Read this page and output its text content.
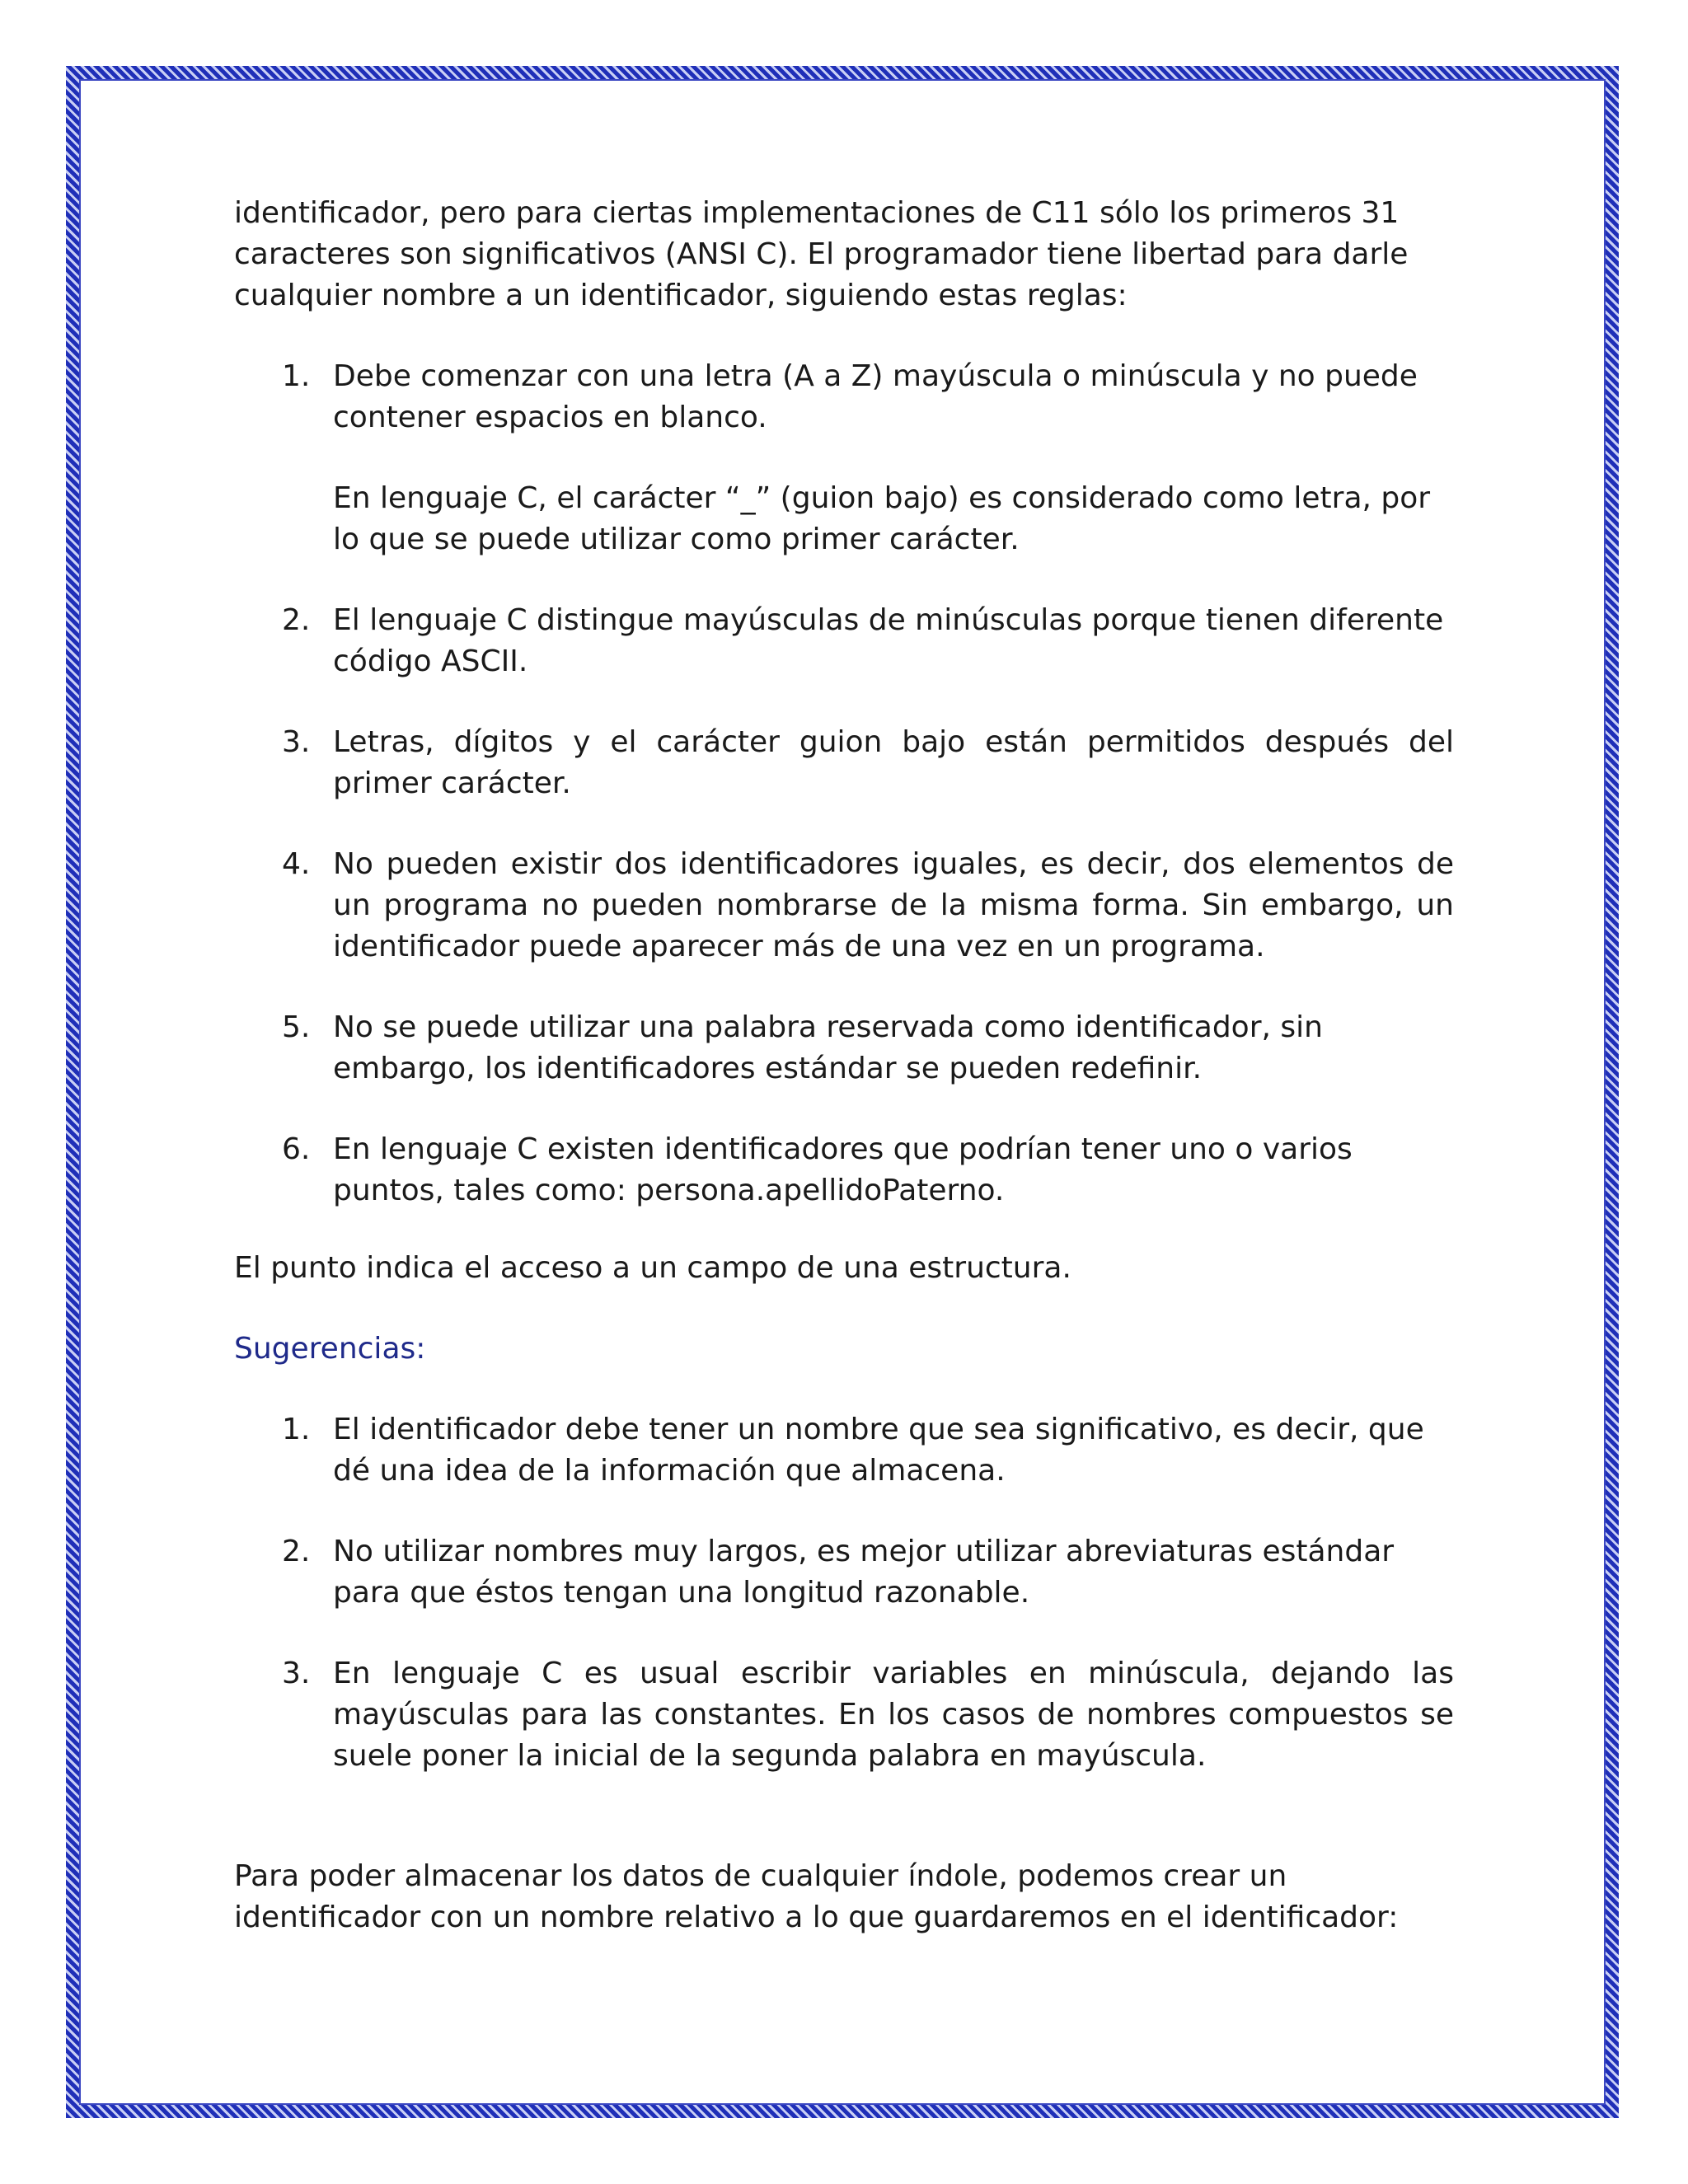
identificador, pero para ciertas implementaciones de C11 sólo los primeros 31 caracteres son significativos (ANSI C). El programador tiene libertad para darle cualquier nombre a un identificador, siguiendo estas reglas:

1. Debe comenzar con una letra (A a Z) mayúscula o minúscula y no puede contener espacios en blanco.

En lenguaje C, el carácter “_” (guion bajo) es considerado como letra, por lo que se puede utilizar como primer carácter.

2. El lenguaje C distingue mayúsculas de minúsculas porque tienen diferente código ASCII.

3. Letras, dígitos y el carácter guion bajo están permitidos después del primer carácter.

4. No pueden existir dos identificadores iguales, es decir, dos elementos de un programa no pueden nombrarse de la misma forma. Sin embargo, un identificador puede aparecer más de una vez en un programa.

5. No se puede utilizar una palabra reservada como identificador, sin embargo, los identificadores estándar se pueden redefinir.

6. En lenguaje C existen identificadores que podrían tener uno o varios puntos, tales como: persona.apellidoPaterno.

El punto indica el acceso a un campo de una estructura.

Sugerencias:

1. El identificador debe tener un nombre que sea significativo, es decir, que dé una idea de la información que almacena.

2. No utilizar nombres muy largos, es mejor utilizar abreviaturas estándar para que éstos tengan una longitud razonable.

3. En lenguaje C es usual escribir variables en minúscula, dejando las mayúsculas para las constantes. En los casos de nombres compuestos se suele poner la inicial de la segunda palabra en mayúscula.

Para poder almacenar los datos de cualquier índole, podemos crear un identificador con un nombre relativo a lo que guardaremos en el identificador:
